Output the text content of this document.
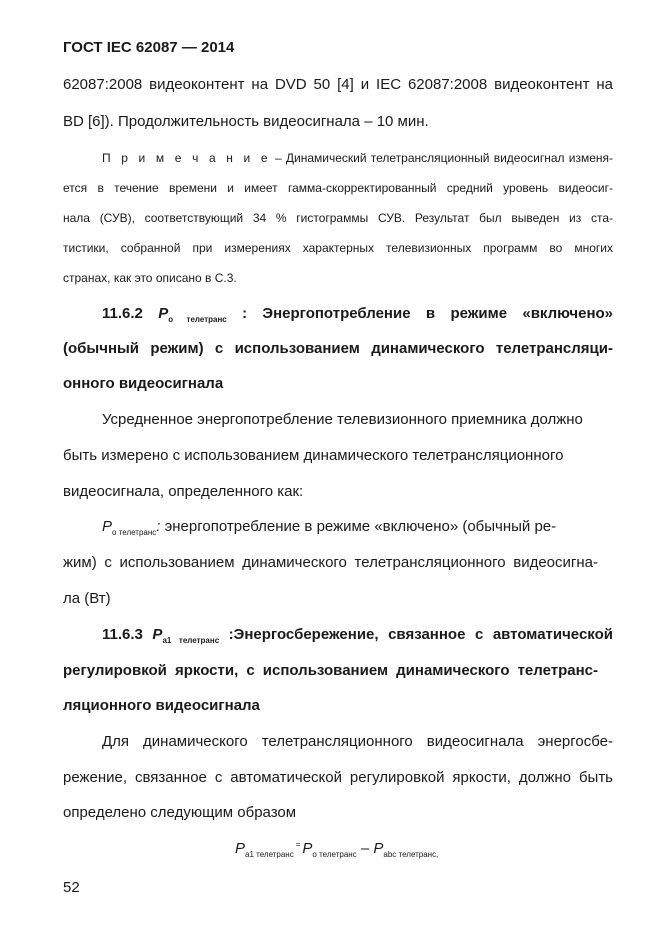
ГОСТ IEC 62087 — 2014
62087:2008 видеоконтент на DVD 50 [4] и IEC 62087:2008 видеоконтент на
BD [6]). Продолжительность видеосигнала – 10 мин.
П р и м е ч а н и е – Динамический телетрансляционный видеосигнал изменя-
ется в течение времени и имеет гамма-скорректированный средний уровень видеосиг-
нала (СУВ), соответствующий 34 % гистограммы СУВ. Результат был выведен из ста-
тистики, собранной при измерениях характерных телевизионных программ во многих
странах, как это описано в С.3.
11.6.2 $P_{о телетранс}$ : Энергопотребление в режиме «включено»
(обычный режим) с использованием динамического телетрансляци-
онного видеосигнала
Усредненное энергопотребление телевизионного приемника должно
быть измерено с использованием динамического телетрансляционного
видеосигнала, определенного как:
$P_{о телетранс}$: энергопотребление в режиме «включено» (обычный ре-
жим) с использованием динамического телетрансляционного видеосигна-
ла (Вт)
11.6.3 $P_{a1 телетранс}$ :Энергосбережение, связанное с автоматической
регулировкой яркости, с использованием динамического телетранс-
ляционного видеосигнала
Для динамического телетрансляционного видеосигнала энергосбе-
режение, связанное с автоматической регулировкой яркости, должно быть
определено следующим образом
$P_{a1 телетранс}^=$ $P_{о телетранс} - P_{abc телетранс,}$
52
